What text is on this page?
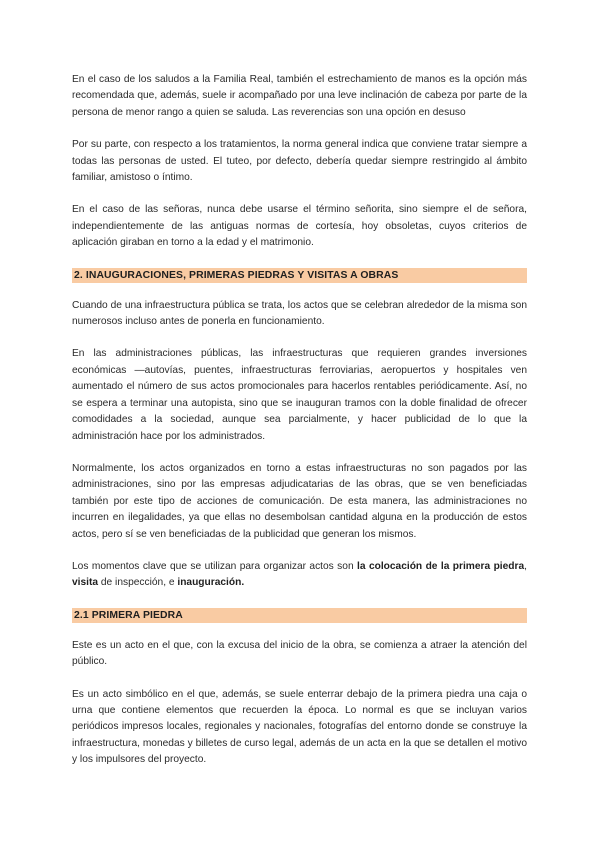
En el caso de los saludos a la Familia Real, también el estrechamiento de manos es la opción más recomendada que, además, suele ir acompañado por una leve inclinación de cabeza por parte de la persona de menor rango a quien se saluda. Las reverencias son una opción en desuso

Por su parte, con respecto a los tratamientos, la norma general indica que conviene tratar siempre a todas las personas de usted. El tuteo, por defecto, debería quedar siempre restringido al ámbito familiar, amistoso o íntimo.

En el caso de las señoras, nunca debe usarse el término señorita, sino siempre el de señora, independientemente de las antiguas normas de cortesía, hoy obsoletas, cuyos criterios de aplicación giraban en torno a la edad y el matrimonio.

2. INAUGURACIONES, PRIMERAS PIEDRAS Y VISITAS A OBRAS

Cuando de una infraestructura pública se trata, los actos que se celebran alrededor de la misma son numerosos incluso antes de ponerla en funcionamiento.

En las administraciones públicas, las infraestructuras que requieren grandes inversiones económicas —autovías, puentes, infraestructuras ferroviarias, aeropuertos y hospitales ven aumentado el número de sus actos promocionales para hacerlos rentables periódicamente. Así, no se espera a terminar una autopista, sino que se inauguran tramos con la doble finalidad de ofrecer comodidades a la sociedad, aunque sea parcialmente, y hacer publicidad de lo que la administración hace por los administrados.

Normalmente, los actos organizados en torno a estas infraestructuras no son pagados por las administraciones, sino por las empresas adjudicatarias de las obras, que se ven beneficiadas también por este tipo de acciones de comunicación. De esta manera, las administraciones no incurren en ilegalidades, ya que ellas no desembolsan cantidad alguna en la producción de estos actos, pero sí se ven beneficiadas de la publicidad que generan los mismos.

Los momentos clave que se utilizan para organizar actos son la colocación de la primera piedra, visita de inspección, e inauguración.

2.1 PRIMERA PIEDRA

Este es un acto en el que, con la excusa del inicio de la obra, se comienza a atraer la atención del público.

Es un acto simbólico en el que, además, se suele enterrar debajo de la primera piedra una caja o urna que contiene elementos que recuerden la época. Lo normal es que se incluyan varios periódicos impresos locales, regionales y nacionales, fotografías del entorno donde se construye la infraestructura, monedas y billetes de curso legal, además de un acta en la que se detallen el motivo y los impulsores del proyecto.
